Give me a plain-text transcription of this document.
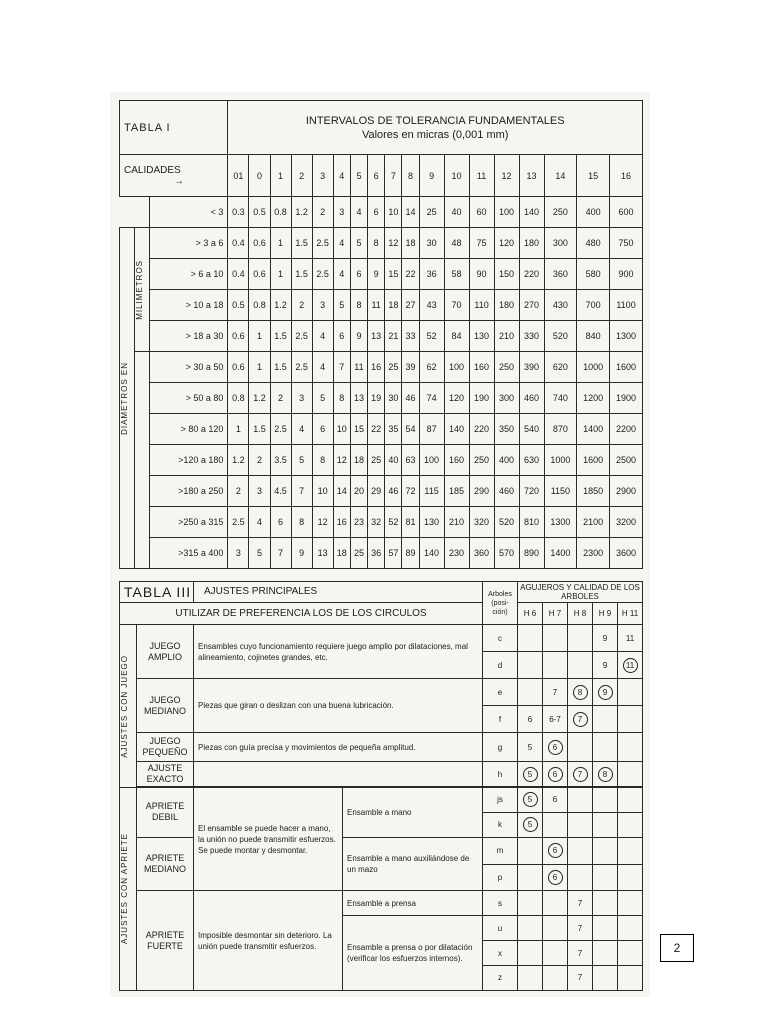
TABLA I			INTERVALOS DE TOLERANCIA FUNDAMENTALES
Valores en micras (0,001 mm)																	

CALIDADES
→			01	0	1	2	3	4	5	6	7	8	9	10	11	12	13	14	15	16
		< 3	0.3	0.5	0.8	1.2	2	3	4	6	10	14	25	40	60	100	140	250	400	600

DIAMETROS EN	MILIMETROS	> 3 a 6	0.4	0.6	1	1.5	2.5	4	5	8	12	18	30	48	75	120	180	300	480	750
		> 6 a 10	0.4	0.6	1	1.5	2.5	4	6	9	15	22	36	58	90	150	220	360	580	900
		> 10 a 18	0.5	0.8	1.2	2	3	5	8	11	18	27	43	70	110	180	270	430	700	1100
		> 18 a 30	0.6	1	1.5	2.5	4	6	9	13	21	33	52	84	130	210	330	520	840	1300
		> 30 a 50	0.6	1	1.5	2.5	4	7	11	16	25	39	62	100	160	250	390	620	1000	1600
		> 50 a 80	0.8	1.2	2	3	5	8	13	19	30	46	74	120	190	300	460	740	1200	1900
		> 80 a 120	1	1.5	2.5	4	6	10	15	22	35	54	87	140	220	350	540	870	1400	2200
		>120 a 180	1.2	2	3.5	5	8	12	18	25	40	63	100	160	250	400	630	1000	1600	2500
		>180 a 250	2	3	4.5	7	10	14	20	29	46	72	115	185	290	460	720	1150	1850	2900
		>250 a 315	2.5	4	6	8	12	16	23	32	52	81	130	210	320	520	810	1300	2100	3200
		>315 a 400	3	5	7	9	13	18	25	36	57	89	140	230	360	570	890	1400	2300	3600
TABLA III		AJUSTES PRINCIPALES		Arboles (posi- ción)	AGUJEROS Y CALIDAD DE LOS ARBOLES				
UTILIZAR DE PREFERENCIA LOS DE LOS CIRCULOS					H 6	H 7	H 8	H 9	H 11

AJUSTES CON JUEGO	JUEGO AMPLIO	Ensambles cuyo funcionamiento requiere juego amplio por dilataciones, mal alineamiento, cojinetes grandes, etc.		c				9	11
				d				9	11
	JUEGO MEDIANO	Piezas que giran o deslizan con una buena lubricación.		e		7	8	9	
				f	6	6-7	7		
	JUEGO PEQUEÑO	Piezas con guía precisa y movimientos de pequeña amplitud.		g	5	6			
	AJUSTE EXACTO			h	5	6	7	8	

AJUSTES CON APRIETE	APRIETE DEBIL	El ensamble se puede hacer a mano, la unión no puede transmitir esfuerzos. Se puede montar y desmontar.	Ensamble a mano	js	5	6			
				k	5				
	APRIETE MEDIANO		Ensamble a mano auxiliándose de un mazo	m		6			
				p		6			
	APRIETE FUERTE	Imposible desmontar sin deterioro. La unión puede transmitir esfuerzos.	Ensamble a prensa	s			7		
			Ensamble a prensa o por dilatación (verificar los esfuerzos internos).	u			7		
				x			7		
				z			7		
2
